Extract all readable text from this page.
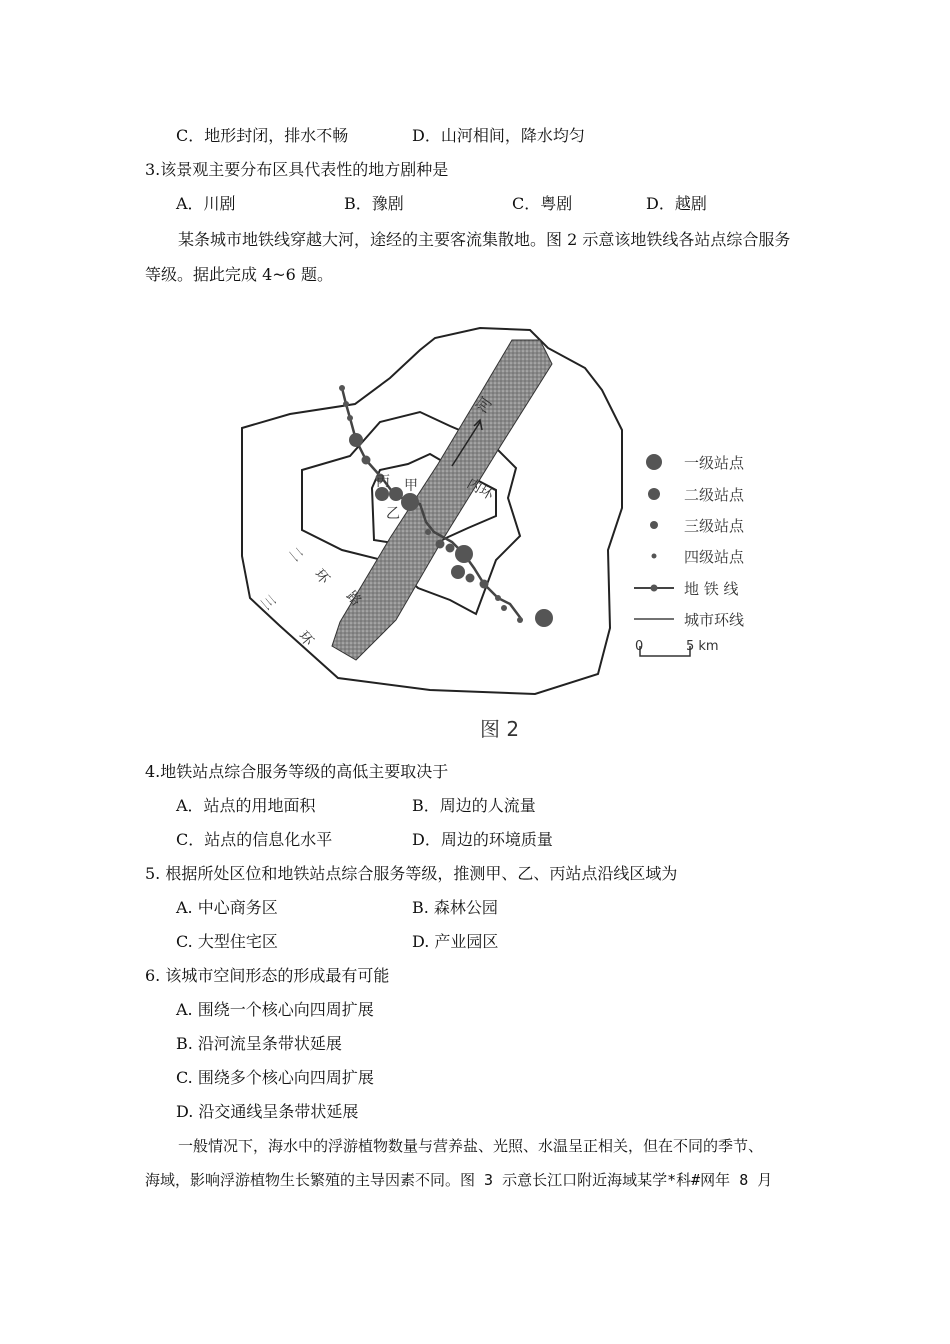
C．地形封闭，排水不畅	D．山河相间，降水均匀
3.该景观主要分布区具代表性的地方剧种是
A．川剧	B．豫剧	C．粤剧	D．越剧
某条城市地铁线穿越大河，途经的主要客流集散地。图 2 示意该地铁线各站点综合服务
等级。据此完成 4~6 题。
河
内环
甲
丙
乙
二
环
路
三
环
一级站点
二级站点
三级站点
四级站点
地 铁 线
城市环线
0	5 km
图 2
4.地铁站点综合服务等级的高低主要取决于
A．站点的用地面积	B．周边的人流量
C．站点的信息化水平	D．周边的环境质量
5. 根据所处区位和地铁站点综合服务等级，推测甲、乙、丙站点沿线区域为
A. 中心商务区	B. 森林公园
C. 大型住宅区	D. 产业园区
6. 该城市空间形态的形成最有可能
A. 围绕一个核心向四周扩展
B. 沿河流呈条带状延展
C. 围绕多个核心向四周扩展
D. 沿交通线呈条带状延展
一般情况下，海水中的浮游植物数量与营养盐、光照、水温呈正相关，但在不同的季节、
海域，影响浮游植物生长繁殖的主导因素不同。图 3 示意长江口附近海域某学*科#网年 8 月
